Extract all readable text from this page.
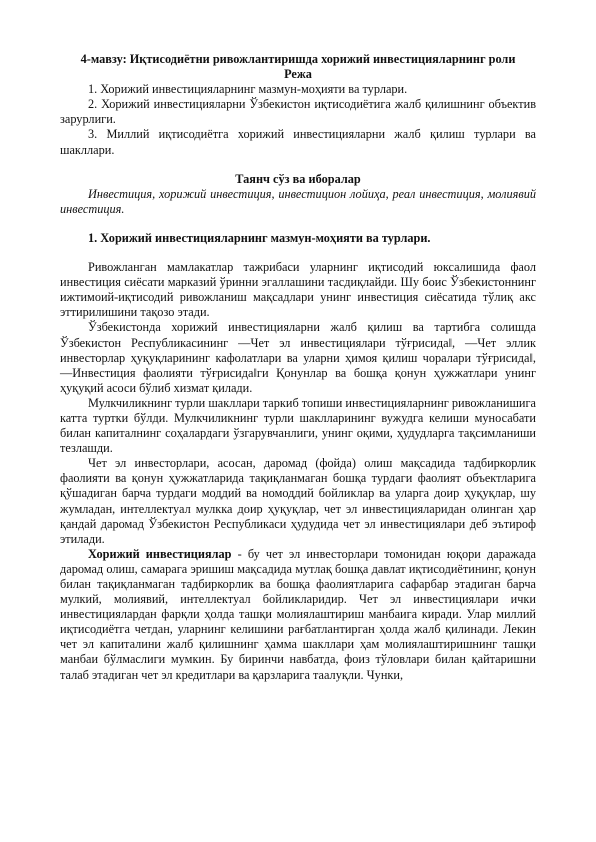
4-мавзу: Иқтисодиётни ривожлантиришда хорижий инвестицияларнинг роли

Режа

1. Хорижий инвестицияларнинг мазмун-моҳияти ва турлари.

2. Хорижий инвестицияларни Ўзбекистон иқтисодиётига жалб қилишнинг объектив зарурлиги.

3. Миллий иқтисодиётга хорижий инвестицияларни жалб қилиш турлари ва шакллари.

Таянч сўз ва иборалар

Инвестиция, хорижий инвестиция, инвестицион лойиҳа, реал инвестиция, молиявий инвестиция.

1. Хорижий инвестицияларнинг мазмун-моҳияти ва турлари.

Ривожланган мамлакатлар тажрибаси уларнинг иқтисодий юксалишида фаол инвестиция сиёсати марказий ўринни эгаллашини тасдиқлайди. Шу боис Ўзбекистоннинг ижтимоий-иқтисодий ривожланиш мақсадлари унинг инвестиция сиёсатида тўлиқ акс эттирилишини тақозо этади.

Ўзбекистонда хорижий инвестицияларни жалб қилиш ва тартибга солишда Ўзбекистон Республикасининг ―Чет эл инвестициялари тўғрисида‖, ―Чет эллик инвесторлар ҳуқуқларининг кафолатлари ва уларни ҳимоя қилиш чоралари тўғрисида‖, ―Инвестиция фаолияти тўғрисида‖ги Қонунлар ва бошқа қонун ҳужжатлари унинг ҳуқуқий асоси бўлиб хизмат қилади.

Мулкчиликнинг турли шакллари таркиб топиши инвестицияларнинг ривожланишига катта туртки бўлди. Мулкчиликнинг турли шаклларининг вужудга келиши муносабати билан капиталнинг соҳалардаги ўзгарувчанлиги, унинг оқими, ҳудудларга тақсимланиши тезлашди.

Чет эл инвесторлари, асосан, даромад (фойда) олиш мақсадида тадбиркорлик фаолияти ва қонун ҳужжатларида тақиқланмаган бошқа турдаги фаолият объектларига қўшадиган барча турдаги моддий ва номоддий бойликлар ва уларга доир ҳуқуқлар, шу жумладан, интеллектуал мулкка доир ҳуқуқлар, чет эл инвестицияларидан олинган ҳар қандай даромад Ўзбекистон Республикаси ҳудудида чет эл инвестициялари деб эътироф этилади.

Хорижий инвестициялар - бу чет эл инвесторлари томонидан юқори даражада даромад олиш, самарага эришиш мақсадида мутлақ бошқа давлат иқтисодиётининг, қонун билан тақиқланмаган тадбиркорлик ва бошқа фаолиятларига сафарбар этадиган барча мулкий, молиявий, интеллектуал бойликларидир. Чет эл инвестициялари ички инвестициялардан фарқли ҳолда ташқи молиялаштириш манбаига киради. Улар миллий иқтисодиётга четдан, уларнинг келишини рағбатлантирган ҳолда жалб қилинади. Лекин чет эл капиталини жалб қилишнинг ҳамма шакллари ҳам молиялаштиришнинг ташқи манбаи бўлмаслиги мумкин. Бу биринчи навбатда, фоиз тўловлари билан қайтаришни талаб этадиган чет эл кредитлари ва қарзларига таалуқли. Чунки,
